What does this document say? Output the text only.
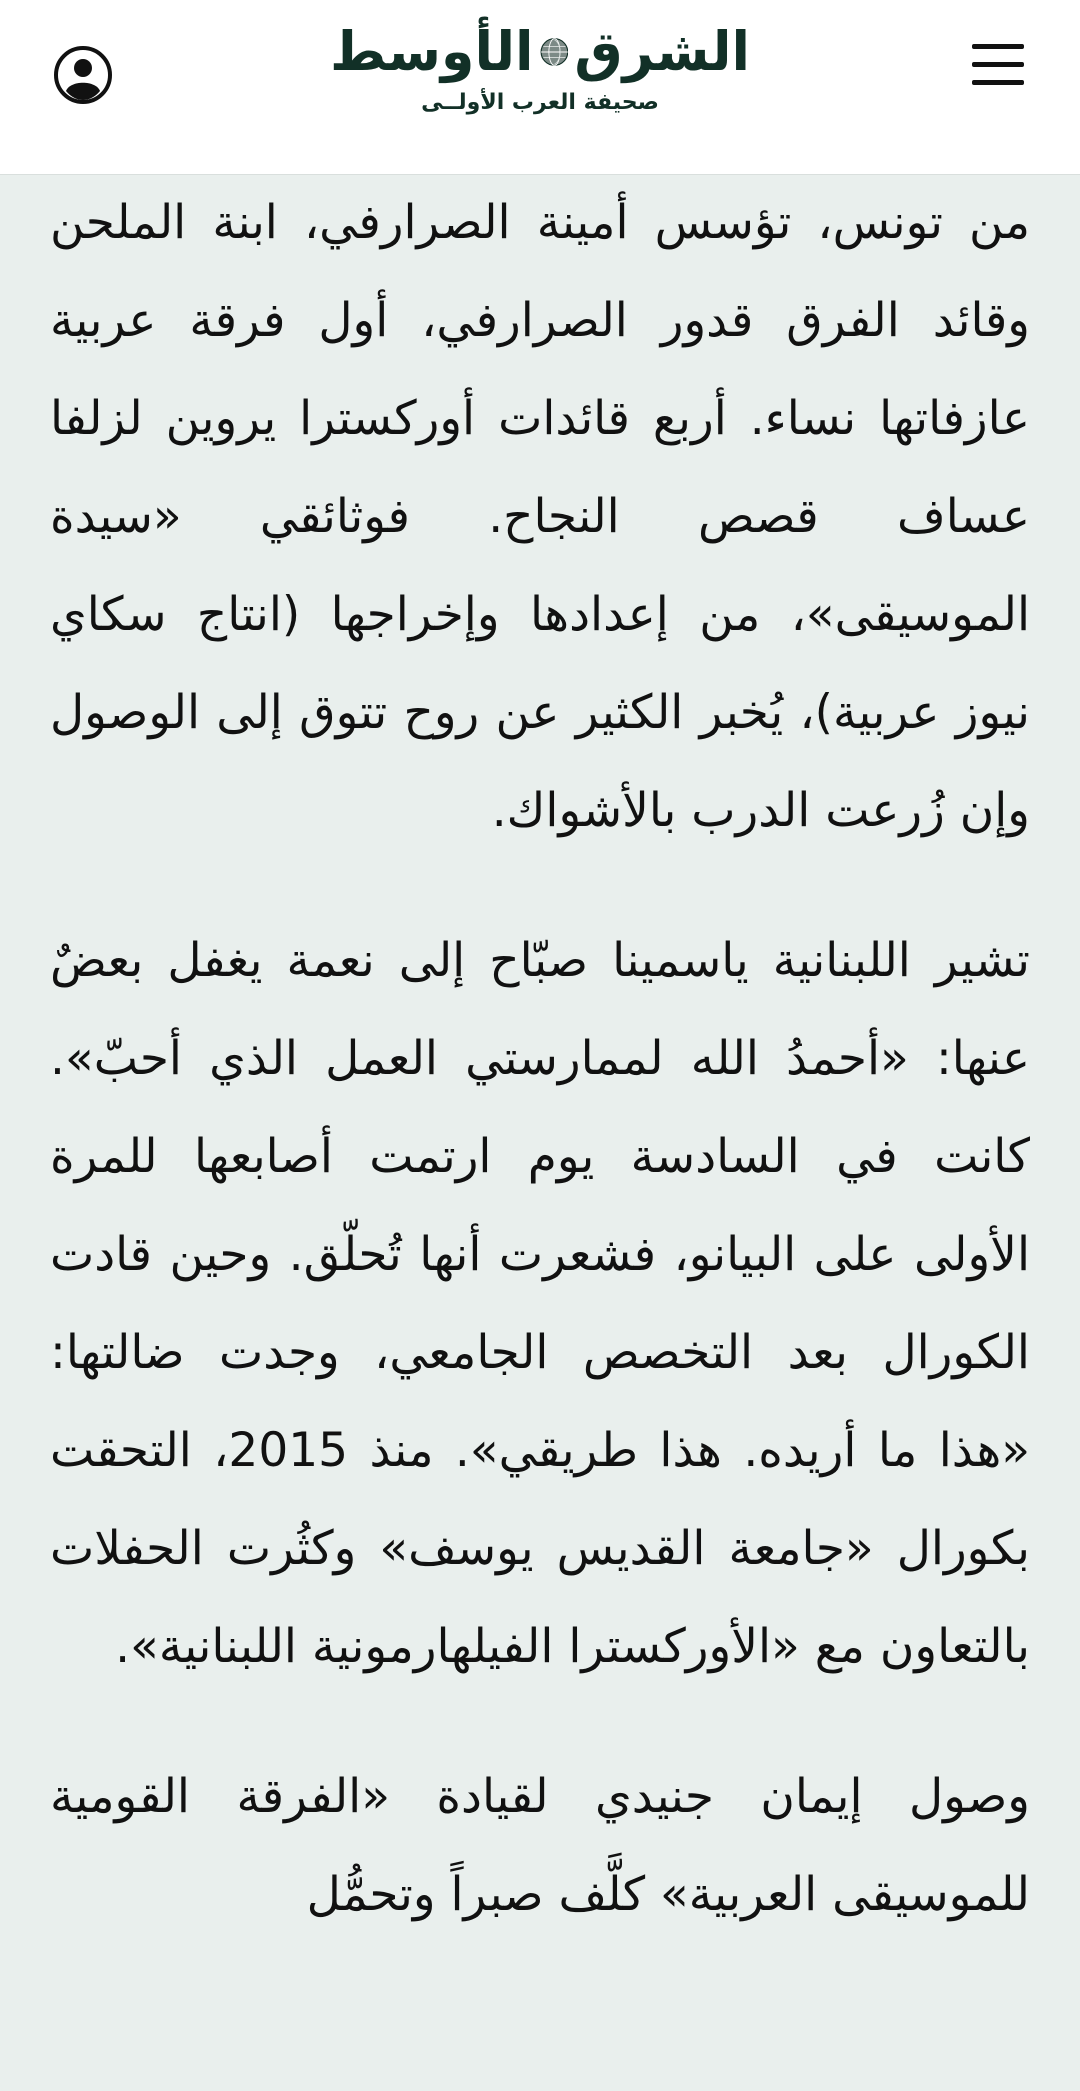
الشرق
الأوسط
صحيفة العرب الأولــى

من تونس، تؤسس أمينة الصرارفي، ابنة الملحن وقائد الفرق قدور الصرارفي، أول فرقة عربية عازفاتها نساء. أربع قائدات أوركسترا يروين لزلفا عساف قصص النجاح. فوثائقي «سيدة الموسيقى»، من إعدادها وإخراجها (انتاج سكاي نيوز عربية)، يُخبر الكثير عن روح تتوق إلى الوصول وإن زُرعت الدرب بالأشواك.

تشير اللبنانية ياسمينا صبّاح إلى نعمة يغفل بعضٌ عنها: «أحمدُ الله لممارستي العمل الذي أحبّ». كانت في السادسة يوم ارتمت أصابعها للمرة الأولى على البيانو، فشعرت أنها تُحلّق. وحين قادت الكورال بعد التخصص الجامعي، وجدت ضالتها: «هذا ما أريده. هذا طريقي». منذ 2015، التحقت بكورال «جامعة القديس يوسف» وكثُرت الحفلات بالتعاون مع «الأوركسترا الفيلهارمونية اللبنانية».

وصول إيمان جنيدي لقيادة «الفرقة القومية للموسيقى العربية» كلَّف صبراً وتحمُّل
